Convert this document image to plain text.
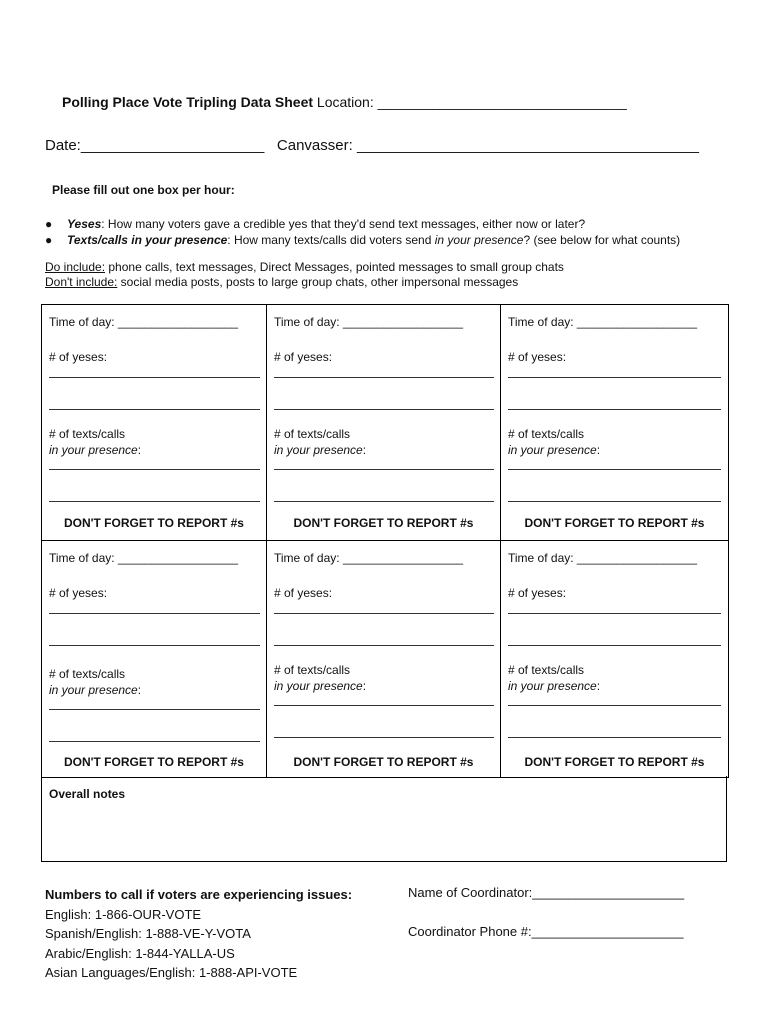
Polling Place Vote Tripling Data Sheet Location: ________________________________
Date:______________________ Canvasser: _________________________________________
Please fill out one box per hour:
● Yeses: How many voters gave a credible yes that they'd send text messages, either now or later?
● Texts/calls in your presence: How many texts/calls did voters send in your presence? (see below for what counts)
Do include: phone calls, text messages, Direct Messages, pointed messages to small group chats
Don't include: social media posts, posts to large group chats, other impersonal messages
Time of day: __________________
# of yeses:
# of texts/calls
in your presence:
DON'T FORGET TO REPORT #s
Time of day: __________________
# of yeses:
# of texts/calls
in your presence:
DON'T FORGET TO REPORT #s
Time of day: __________________
# of yeses:
# of texts/calls
in your presence:
DON'T FORGET TO REPORT #s
Time of day: __________________
# of yeses:
# of texts/calls
in your presence:
DON'T FORGET TO REPORT #s
Time of day: __________________
# of yeses:
# of texts/calls
in your presence:
DON'T FORGET TO REPORT #s
Time of day: __________________
# of yeses:
# of texts/calls
in your presence:
DON'T FORGET TO REPORT #s
Overall notes
Numbers to call if voters are experiencing issues:
English: 1-866-OUR-VOTE
Spanish/English: 1-888-VE-Y-VOTA
Arabic/English: 1-844-YALLA-US
Asian Languages/English: 1-888-API-VOTE
Name of Coordinator:_____________________
Coordinator Phone #:_____________________
